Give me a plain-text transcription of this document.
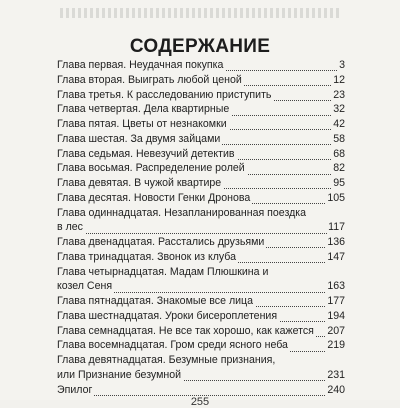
СОДЕРЖАНИЕ
Глава первая. Неудачная покупка	3
Глава вторая. Выиграть любой ценой	12
Глава третья. К расследованию приступить	23
Глава четвертая. Дела квартирные	32
Глава пятая. Цветы от незнакомки	42
Глава шестая. За двумя зайцами	58
Глава седьмая. Невезучий детектив	68
Глава восьмая. Распределение ролей	82
Глава девятая. В чужой квартире	95
Глава десятая. Новости Генки Дронова	105
Глава одиннадцатая. Незапланированная поездка
в лес	117
Глава двенадцатая. Расстались друзьями	136
Глава тринадцатая. Звонок из клуба	147
Глава четырнадцатая. Мадам Плюшкина и
козел Сеня	163
Глава пятнадцатая. Знакомые все лица	177
Глава шестнадцатая. Уроки бисероплетения	194
Глава семнадцатая. Не все так хорошо, как кажется 207
Глава восемнадцатая. Гром среди ясного неба	219
Глава девятнадцатая. Безумные признания,
или Признание безумной	231
Эпилог	240
255
